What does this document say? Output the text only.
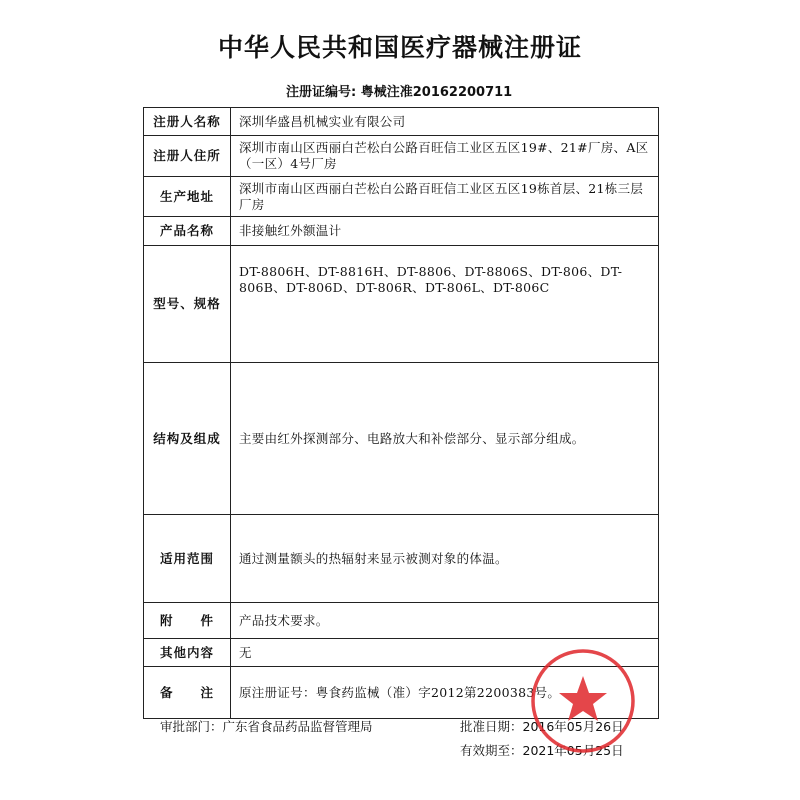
中华人民共和国医疗器械注册证
注册证编号: 粤械注准20162200711
注册人名称	深圳华盛昌机械实业有限公司
注册人住所	深圳市南山区西丽白芒松白公路百旺信工业区五区19#、21#厂房、A区（一区）4号厂房
生产地址	深圳市南山区西丽白芒松白公路百旺信工业区五区19栋首层、21栋三层厂房
产品名称	非接触红外额温计
型号、规格	DT-8806H、DT-8816H、DT-8806、DT-8806S、DT-806、DT-806B、DT-806D、DT-806R、DT-806L、DT-806C
结构及组成	主要由红外探测部分、电路放大和补偿部分、显示部分组成。
适用范围	通过测量额头的热辐射来显示被测对象的体温。
附　　件	产品技术要求。
其他内容	无
备　　注	原注册证号：粤食药监械（准）字2012第2200383号。
审批部门：广东省食品药品监督管理局	批准日期：2016年05月26日
有效期至：2021年05月25日
